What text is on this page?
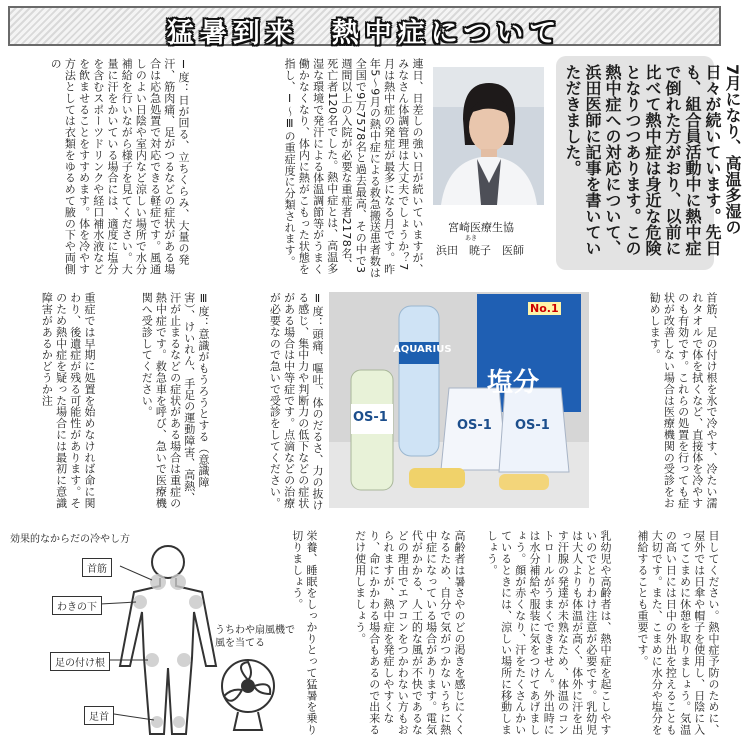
猛暑到来　熱中症について
7月になり、高温多湿の日々が続いています。先日も、組合員活動中に熱中症で倒れた方がおり、以前に比べて熱中症は身近な危険となりつつあります。この熱中症への対応について、浜田医師に記事を書いていただきました。
宮崎医療生協
あき
浜田　暁子　医師
連日、日差しの強い日が続いていますが、みなさん体調管理は大丈夫でしょうか？7月は熱中症の発症が最多になる月です。昨年5〜9月の熱中症による救急搬送患者数は全国で9万7578名と過去最高、その中で3週間以上の入院が必要な重症者2178名、死亡者120名でした。熱中症とは、高温多湿な環境で発汗による体温調節等がうまく働かなくなり、体内に熱がこもった状態を指し、Ⅰ〜Ⅲの重症度に分類されます。
Ⅰ度：日が回る、立ちくらみ、大量の発汗、筋肉痛、足がつるなどの症状がある場合は応急処置で対応できる軽症です。風通しのよい日陰や室内など涼しい場所で水分補給を行いながら様子を見てください。大量に汗をかいている場合には、適度に塩分を含むスポーツドリンクや経口補水液などを飲ませることをすすめます。体を冷やす方法としては衣類をゆるめて腋の下や両側の
首筋、足の付け根を氷で冷やす、冷たい濡れタオルで体を拭くなど、直接体を冷やすのも有効です。これらの処置を行っても症状が改善しない場合は医療機関の受診をお勧めします。
Ⅱ度：頭痛、嘔吐、体のだるさ、力の抜ける感じ、集中力や判断力の低下などの症状がある場合は中等症です。点滴などの治療が必要なので急いで受診をしてください。
Ⅲ度：意識がもうろうとする（意識障害）、けいれん、手足の運動障害、高熱、汗が止まるなどの症状がある場合は重症の熱中症です。救急車を呼び、急いで医療機関へ受診してください。
重症では早期に処置を始めなければ命に関わり、後遺症が残る可能性があります。そのため熱中症を疑った場合には最初に意識障害があるかどうか注
目してください。熱中症予防のために、屋外では日傘や帽子を使用し、日陰に入ってこまめに休憩を取りましょう。気温の高い日には日中の外出を控えることも大切です。また、こまめに水分や塩分を補給することも重要です。
乳幼児や高齢者は、熱中症を起こしやすいのでとりわけ注意が必要です。乳幼児は大人よりも体温が高く、体外に汗を出す汗腺の発達が未熟なため、体温のコントロールがうまくできません。外出時には水分補給や服装に気をつけてあげましょう。顔が赤くなり、汗をたくさんかいているときには、涼しい場所に移動しましょう。
高齢者は暑さやのどの渇きを感じにくくなるため、自分で気がつかないうちに熱中症になっている場合があります。電気代がかかる、人工的な風が不快であるなどの理由でエアコンをつかわない方もおられますが、熱中症を発症しやすくなり、命にかかわる場合もあるので出来るだけ使用しましょう。
栄養、睡眠をしっかりとって猛暑を乗り切りましょう。
No.1
塩分
AQUARIUS
OS-1
OS-1 OS-1
効果的なからだの冷やし方
首筋
わきの下
足の付け根
足首
うちわや扇風機で
風を当てる
